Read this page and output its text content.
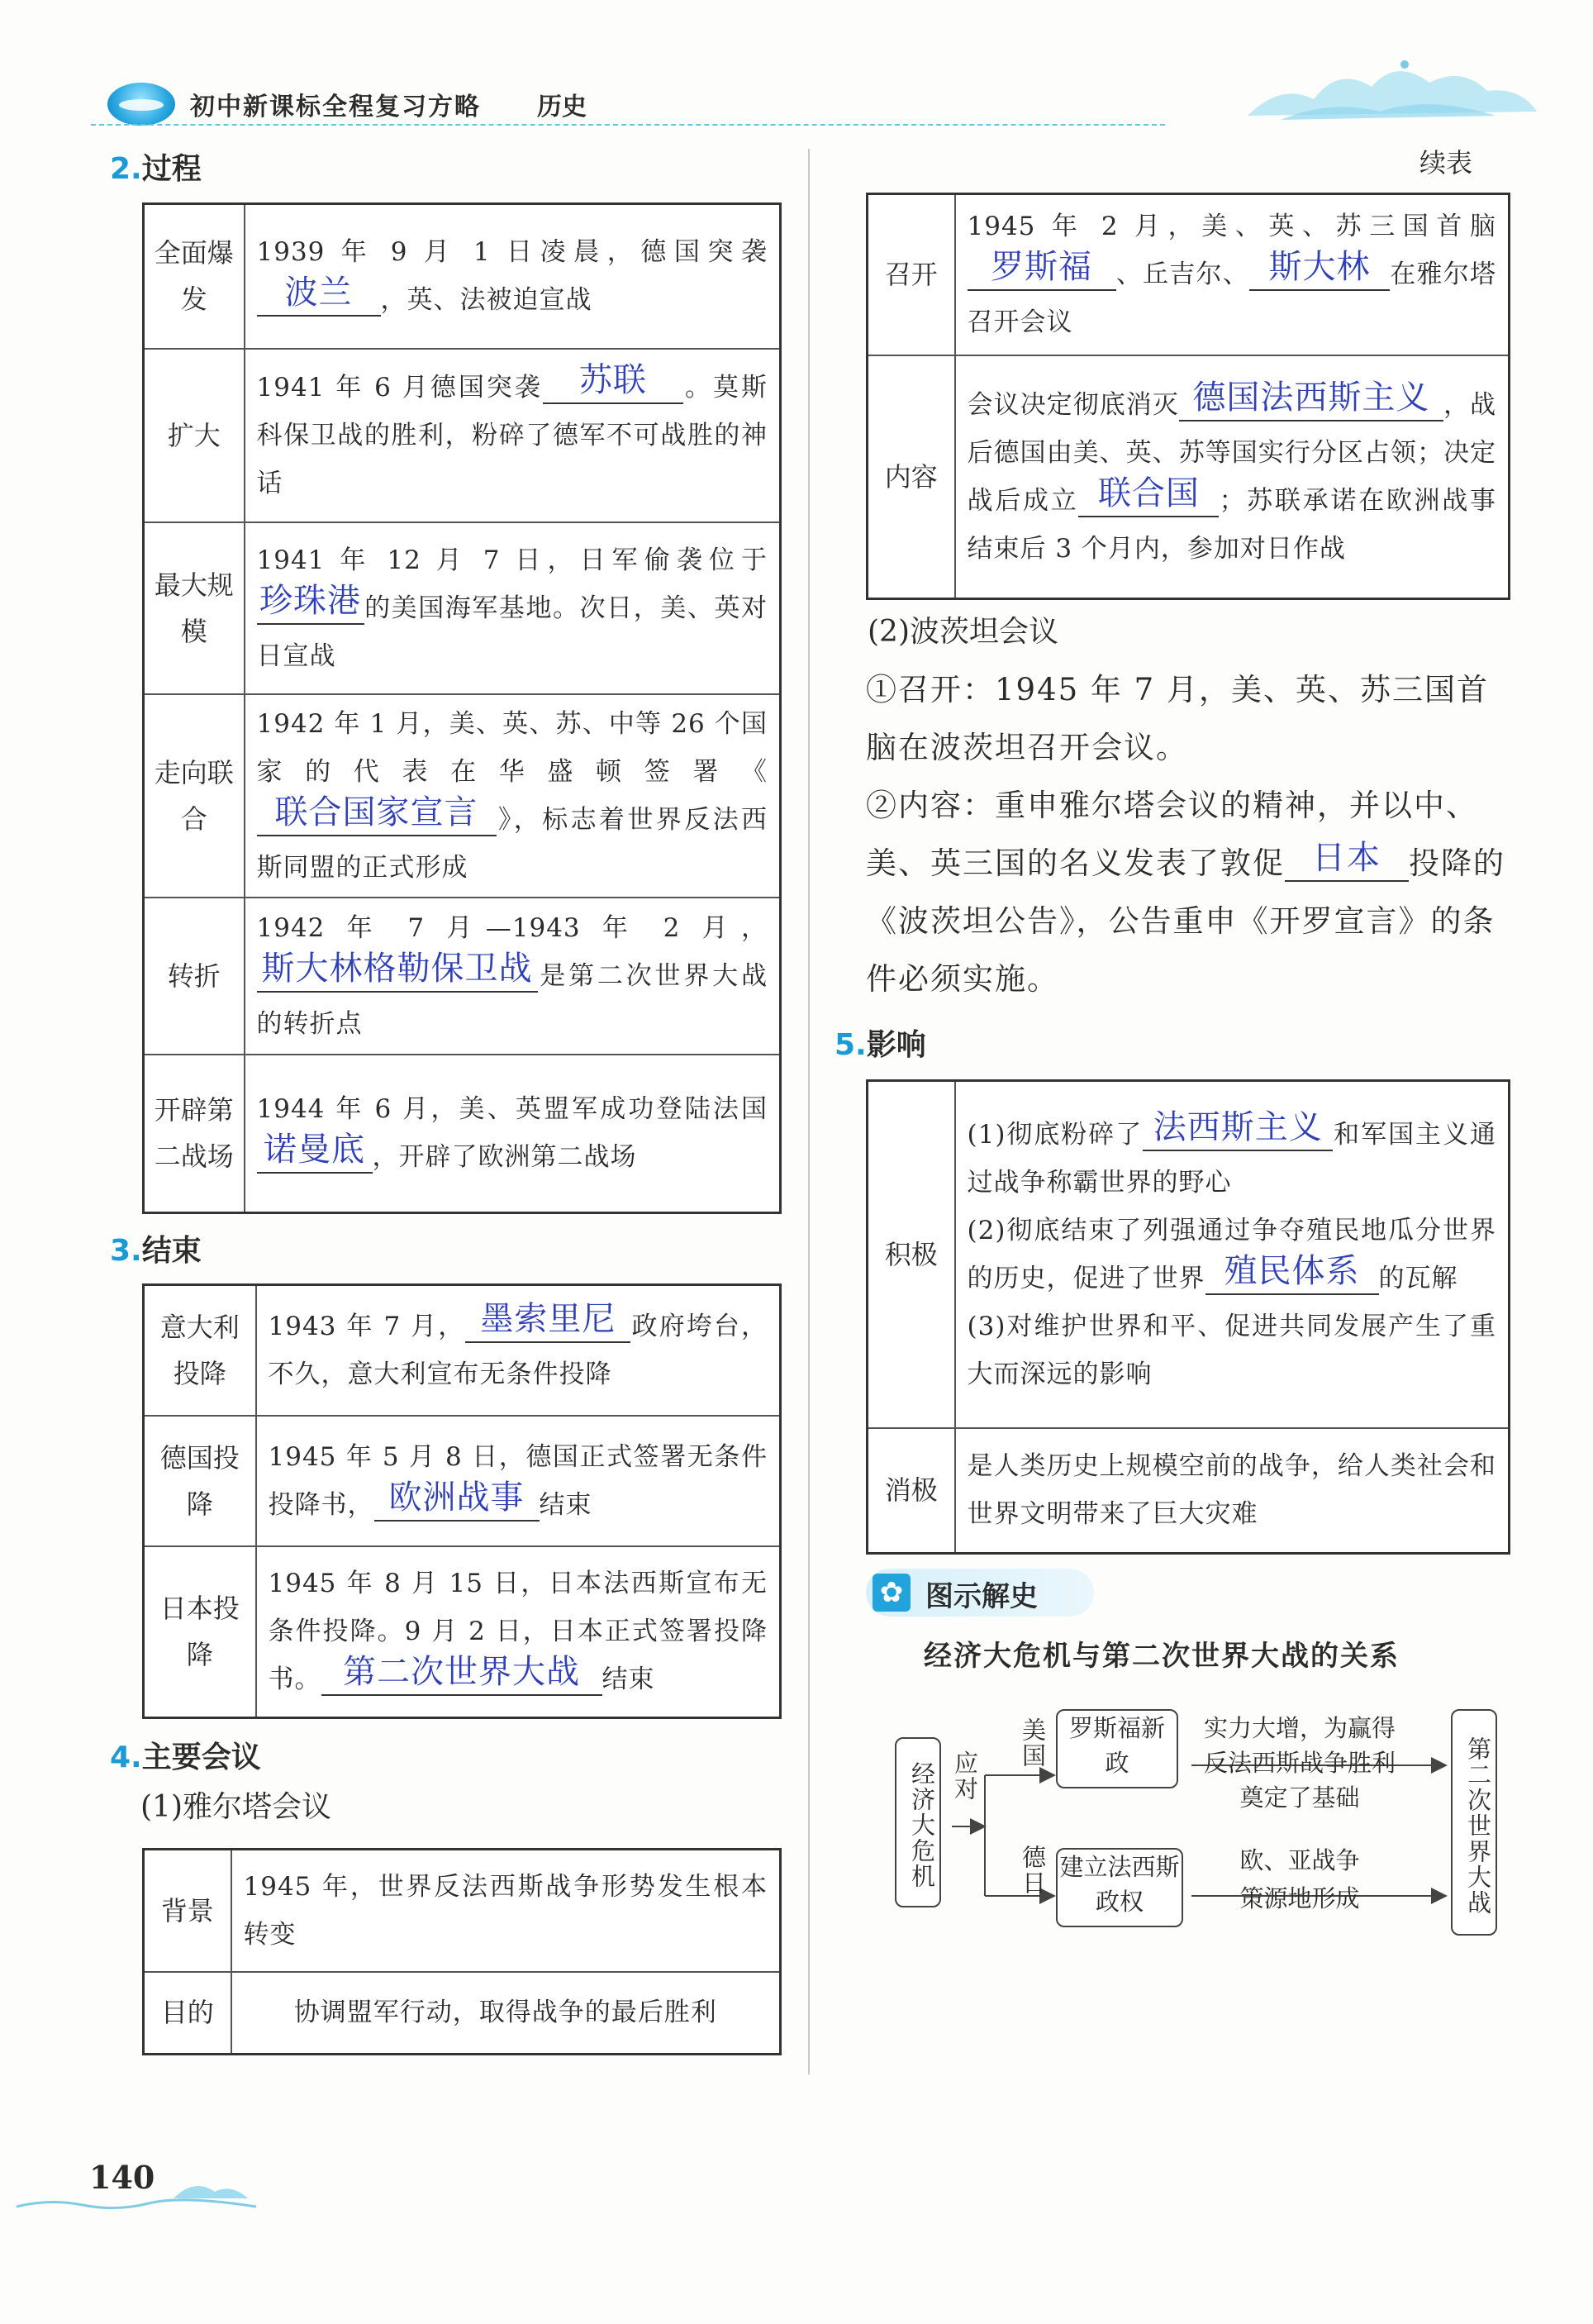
初中新课标全程复习方略 历史
2.过程
全面爆发	1939 年 9 月 1 日凌晨，德国突袭波兰 ，英、法被迫宣战
扩大	1941 年 6 月德国突袭 苏联 。莫斯科保卫战的胜利，粉碎了德军不可战胜的神话
最大规模	1941 年 12 月 7 日，日军偷袭位于珍珠港 的美国海军基地。次日，美、英对日宣战
走向联合	1942 年 1 月，美、英、苏、中等 26 个国家的代表在华盛顿签署《联合国家宣言 》，标志着世界反法西斯同盟的正式形成
转折	1942 年 7 月—1943 年 2 月，斯大林格勒保卫战 是第二次世界大战的转折点
开辟第二战场	1944 年 6 月，美、英盟军成功登陆法国诺曼底 ，开辟了欧洲第二战场
3.结束
意大利投降	1943 年 7 月， 墨索里尼 政府垮台，不久，意大利宣布无条件投降
德国投降	1945 年 5 月 8 日，德国正式签署无条件投降书， 欧洲战事 结束
日本投降	1945 年 8 月 15 日，日本法西斯宣布无条件投降。9 月 2 日，日本正式签署投降书。 第二次世界大战 结束
4.主要会议
(1)雅尔塔会议
背景	1945 年，世界反法西斯战争形势发生根本转变
目的	协调盟军行动，取得战争的最后胜利
续表
召开	1945 年 2 月，美、英、苏三国首脑罗斯福 、丘吉尔、 斯大林 在雅尔塔召开会议
内容	会议决定彻底消灭 德国法西斯主义 ，战后德国由美、英、苏等国实行分区占领；决定战后成立 联合国 ；苏联承诺在欧洲战事结束后 3 个月内，参加对日作战
(2)波茨坦会议
①召开：1945 年 7 月，美、英、苏三国首脑在波茨坦召开会议。
②内容：重申雅尔塔会议的精神，并以中、美、英三国的名义发表了敦促 日本 投降的《波茨坦公告》，公告重申《开罗宣言》的条件必须实施。
5.影响
积极	(1)彻底粉碎了 法西斯主义 和军国主义通过战争称霸世界的野心
(2)彻底结束了列强通过争夺殖民地瓜分世界的历史，促进了世界 殖民体系 的瓦解
(3)对维护世界和平、促进共同发展产生了重大而深远的影响

消极	是人类历史上规模空前的战争，给人类社会和世界文明带来了巨大灾难
✿ 图示解史
经济大危机与第二次世界大战的关系
经济大危机 应对
美国
德日
罗斯福新政
建立法西斯政权
实力大增，为赢得
反法西斯战争胜利
奠定了基础
欧、亚战争
策源地形成	第二次世界大战
140
